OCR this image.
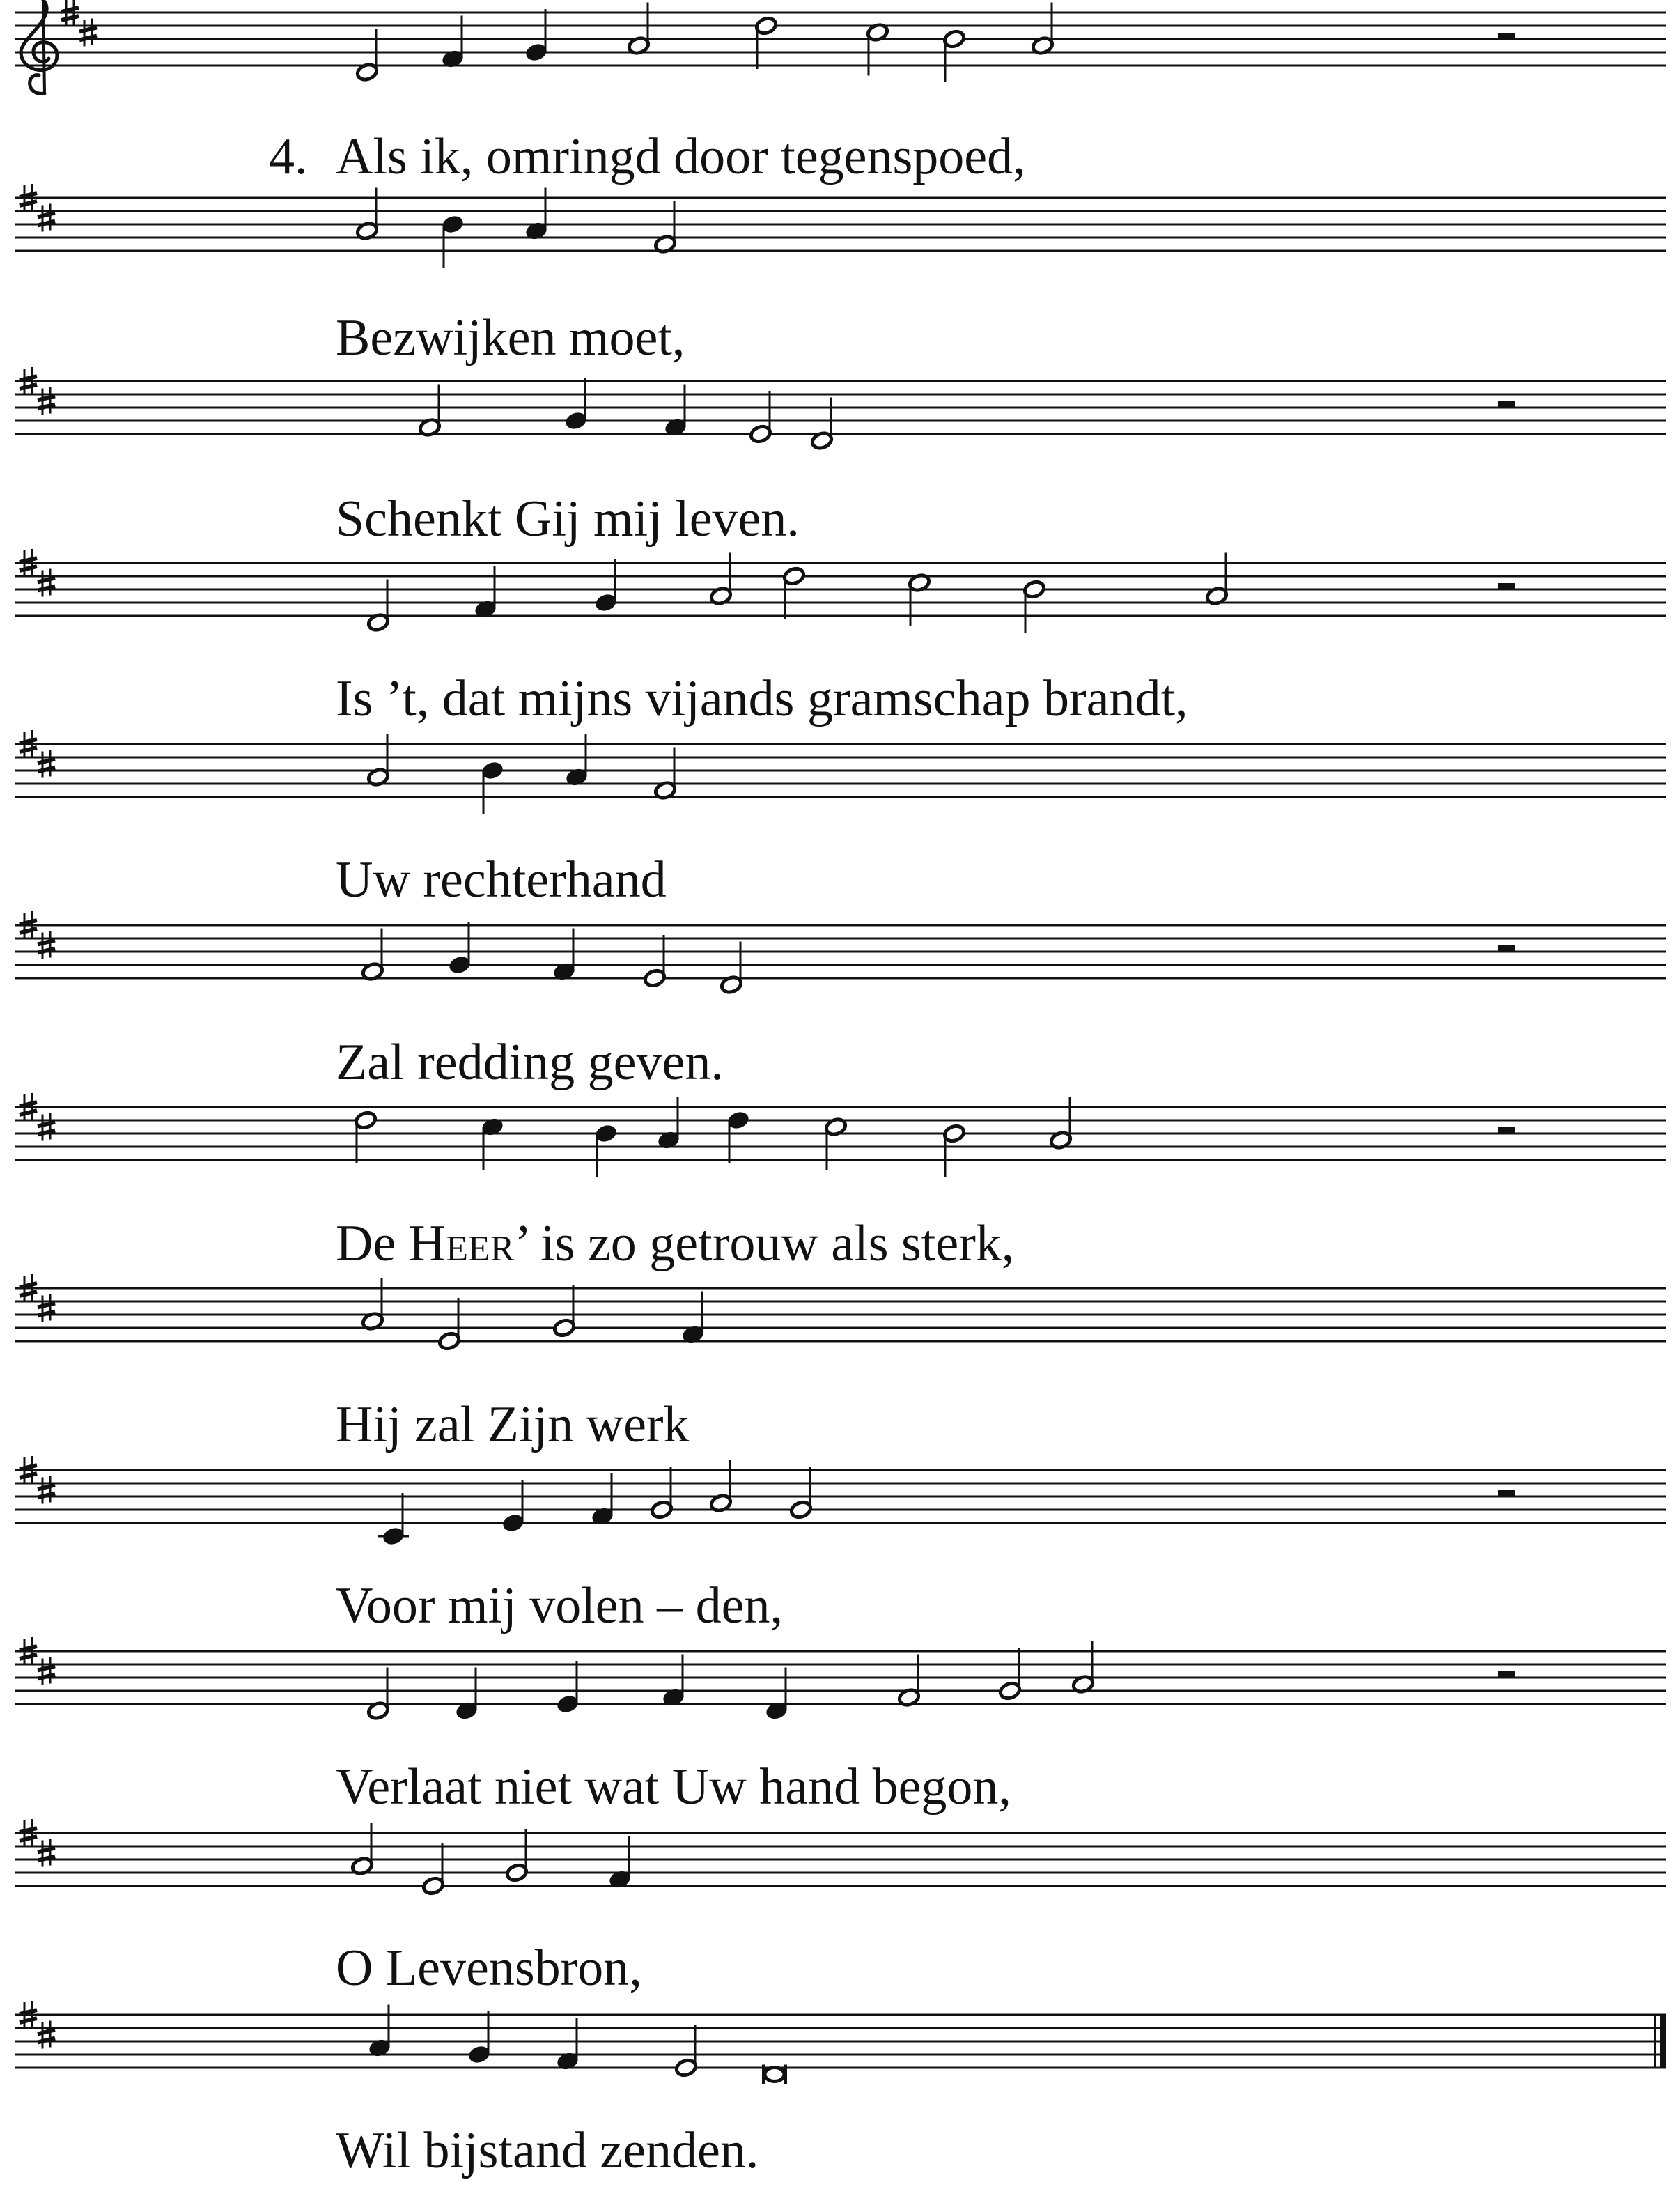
4. Als ik, omringd door tegenspoed,
Bezwijken moet,
Schenkt Gij mij leven.
Is ’t, dat mijns vijands gramschap brandt,
Uw rechterhand
Zal redding geven.
De Heer’ is zo getrouw als sterk,
Hij zal Zijn werk
Voor mij volen – den,
Verlaat niet wat Uw hand begon,
O Levensbron,
Wil bijstand zenden.
